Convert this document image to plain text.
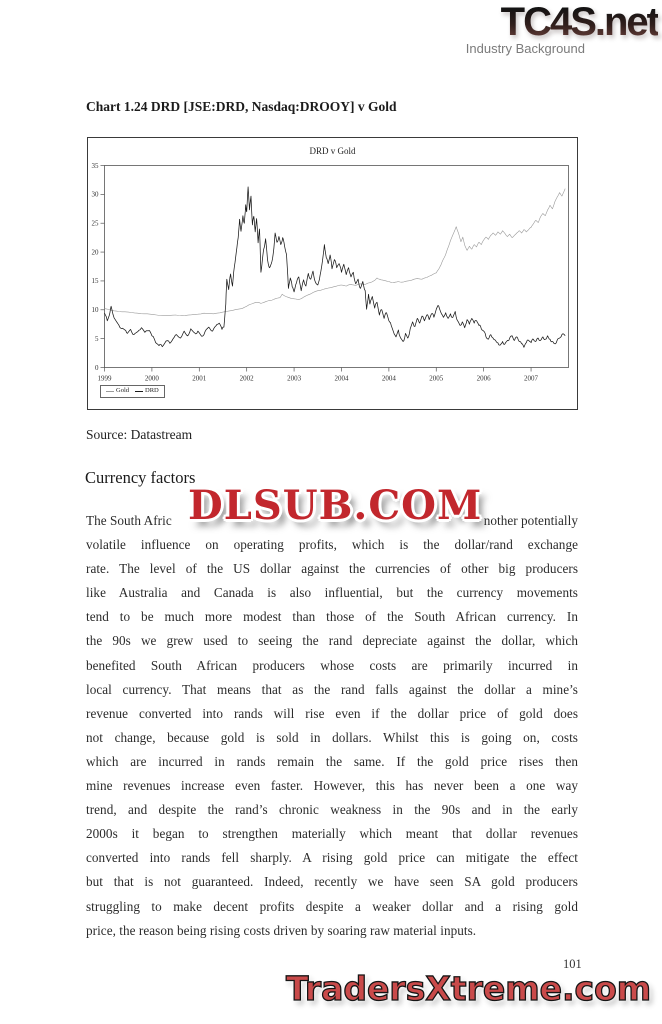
TC4S.net
Industry Background
Chart 1.24 DRD [JSE:DRD, Nasdaq:DROOY] v Gold
DRD v Gold
0
5
10
15
20
25
30
35
1999	2000	2001	2002	2003	2004	2004	2005	2006	2007
Gold DRD
Source: Datastream
Currency factors
The South Afric	nother potentially
volatile influence on operating profits, which is the dollar/rand exchange
rate. The level of the US dollar against the currencies of other big producers
like Australia and Canada is also influential, but the currency movements
tend to be much more modest than those of the South African currency. In
the 90s we grew used to seeing the rand depreciate against the dollar, which
benefited South African producers whose costs are primarily incurred in
local currency. That means that as the rand falls against the dollar a mine’s
revenue converted into rands will rise even if the dollar price of gold does
not change, because gold is sold in dollars. Whilst this is going on, costs
which are incurred in rands remain the same. If the gold price rises then
mine revenues increase even faster. However, this has never been a one way
trend, and despite the rand’s chronic weakness in the 90s and in the early
2000s it began to strengthen materially which meant that dollar revenues
converted into rands fell sharply. A rising gold price can mitigate the effect
but that is not guaranteed. Indeed, recently we have seen SA gold producers
struggling to make decent profits despite a weaker dollar and a rising gold
price, the reason being rising costs driven by soaring raw material inputs.
DLSUB.COM
101
TradersXtreme.com
